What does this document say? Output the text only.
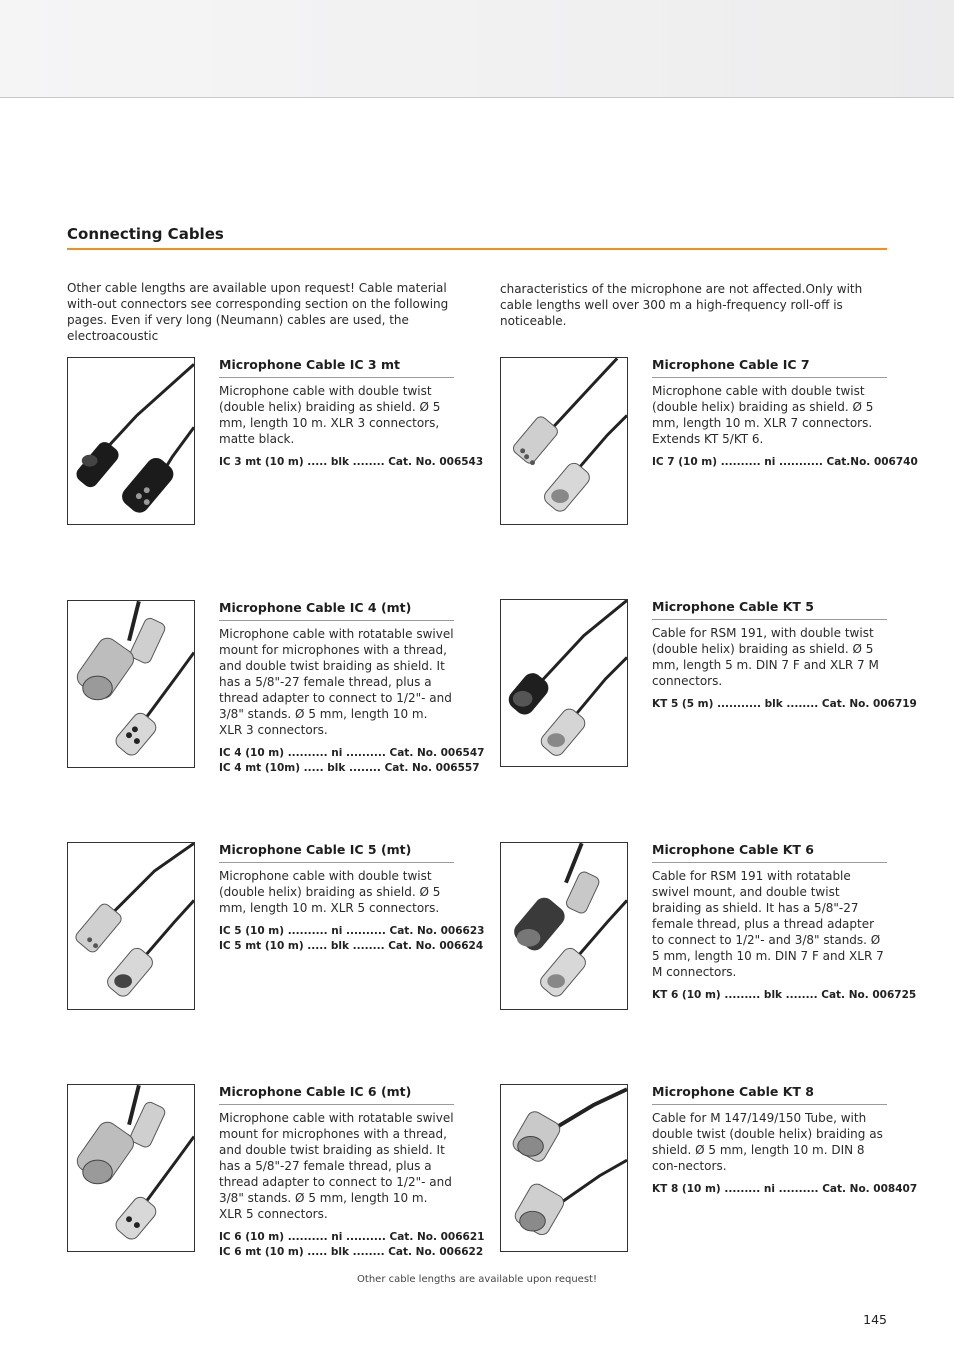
Connecting Cables
Other cable lengths are available upon request! Cable material with-out connectors see corresponding section on the following pages. Even if very long (Neumann) cables are used, the electroacoustic
characteristics of the microphone are not affected.Only with cable lengths well over 300 m a high-frequency roll-off is noticeable.
Microphone Cable IC 3 mt
Microphone cable with double twist (double helix) braiding as shield. Ø 5 mm, length 10 m. XLR 3 connectors, matte black.
IC 3 mt (10 m) ..... blk ........ Cat. No. 006543
Microphone Cable IC 7
Microphone cable with double twist (double helix) braiding as shield. Ø 5 mm, length 10 m. XLR 7 connectors. Extends KT 5/KT 6.
IC 7 (10 m) .......... ni ........... Cat.No. 006740
Microphone Cable IC 4 (mt)
Microphone cable with rotatable swivel mount for microphones with a thread, and double twist braiding as shield. It has a 5/8"-27 female thread, plus a thread adapter to connect to 1/2"- and 3/8" stands. Ø 5 mm, length 10 m. XLR 3 connectors.
IC 4 (10 m) .......... ni .......... Cat. No. 006547
IC 4 mt (10m) ..... blk ........ Cat. No. 006557
Microphone Cable KT 5
Cable for RSM 191, with double twist (double helix) braiding as shield. Ø 5 mm, length 5 m. DIN 7 F and XLR 7 M connectors.
KT 5 (5 m) ........... blk ........ Cat. No. 006719
Microphone Cable IC 5 (mt)
Microphone cable with double twist (double helix) braiding as shield. Ø 5 mm, length 10 m. XLR 5 connectors.
IC 5 (10 m) .......... ni .......... Cat. No. 006623
IC 5 mt (10 m) ..... blk ........ Cat. No. 006624
Microphone Cable KT 6
Cable for RSM 191 with rotatable swivel mount, and double twist braiding as shield. It has a 5/8"-27 female thread, plus a thread adapter to connect to 1/2"- and 3/8" stands. Ø 5 mm, length 10 m. DIN 7 F and XLR 7 M connectors.
KT 6 (10 m) ......... blk ........ Cat. No. 006725
Microphone Cable IC 6 (mt)
Microphone cable with rotatable swivel mount for microphones with a thread, and double twist braiding as shield. It has a 5/8"-27 female thread, plus a thread adapter to connect to 1/2"- and 3/8" stands. Ø 5 mm, length 10 m. XLR 5 connectors.
IC 6 (10 m) .......... ni .......... Cat. No. 006621
IC 6 mt (10 m) ..... blk ........ Cat. No. 006622
Microphone Cable KT 8
Cable for M 147/149/150 Tube, with double twist (double helix) braiding as shield. Ø 5 mm, length 10 m. DIN 8 con-nectors.
KT 8 (10 m) ......... ni .......... Cat. No. 008407
Other cable lengths are available upon request!
145
